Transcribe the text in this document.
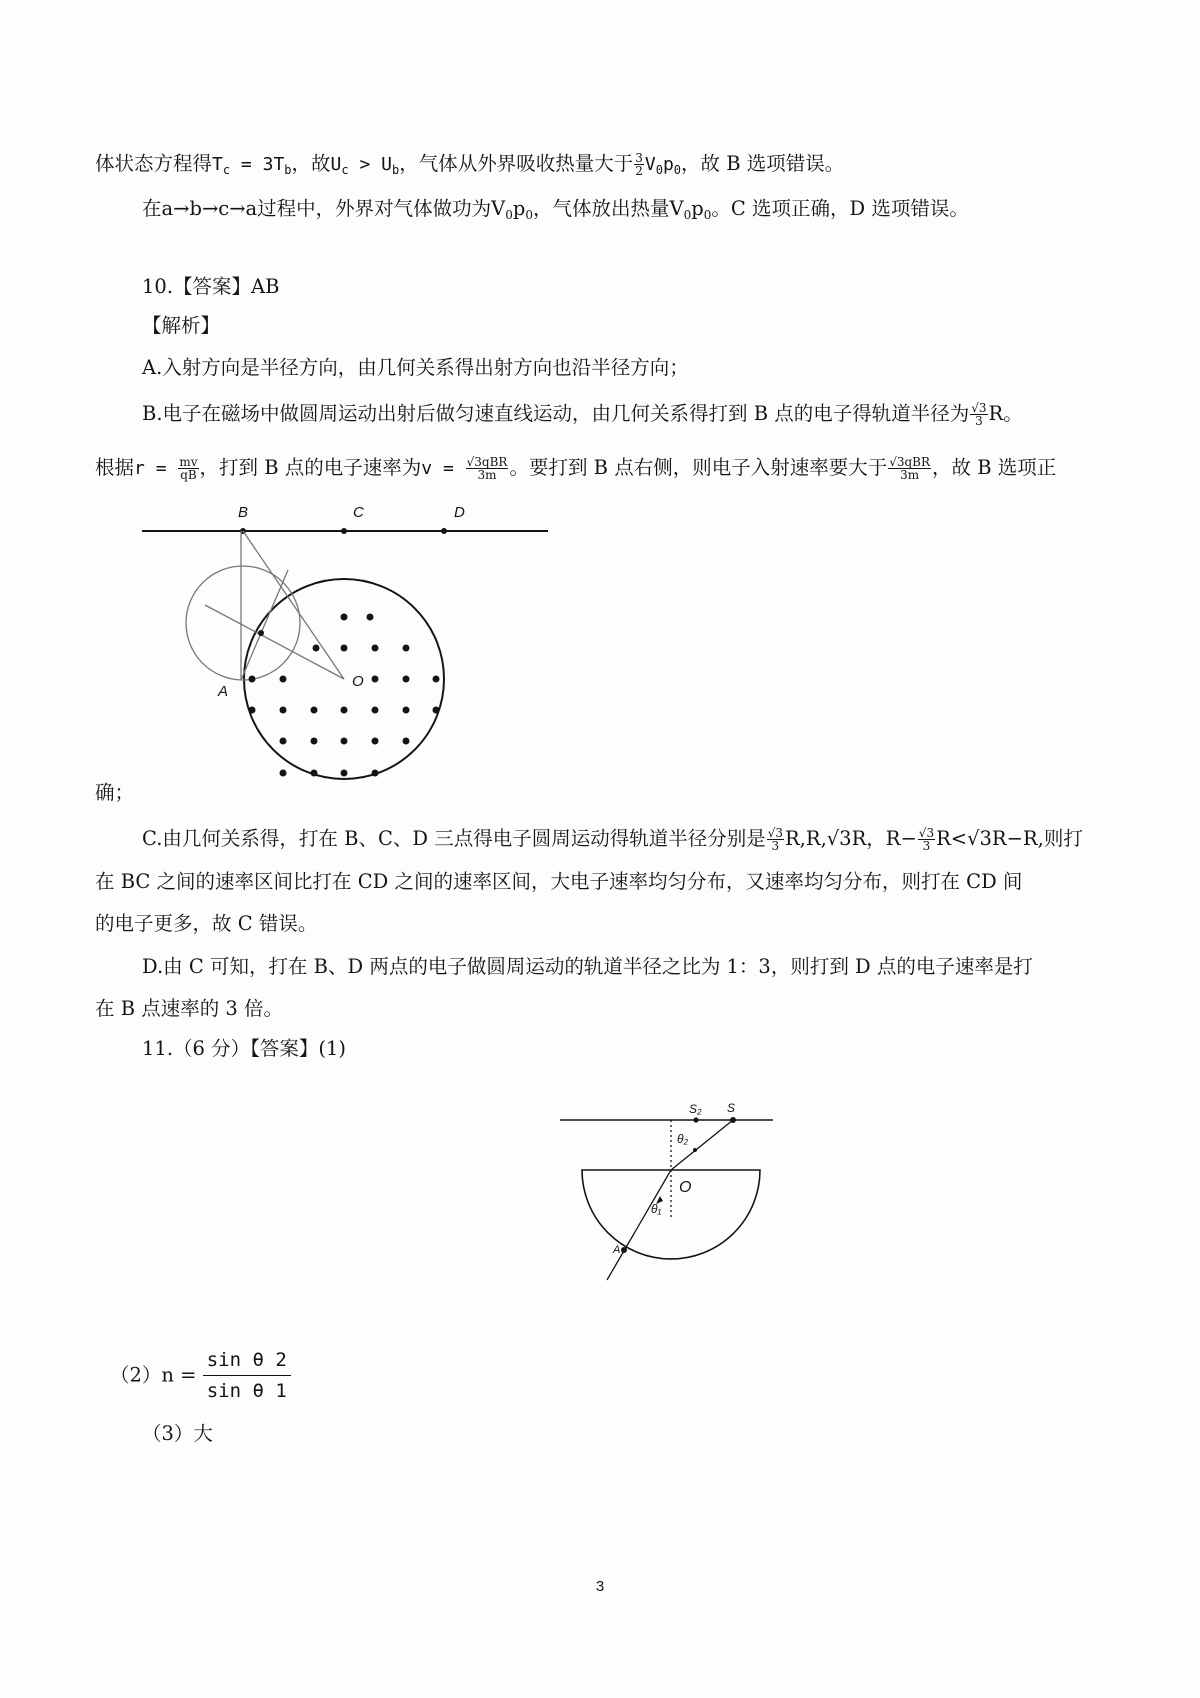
体状态方程得$T_c = 3T_b$，故$U_c > U_b$，气体从外界吸收热量大于 $\frac{3}{2} V_0p_0$，故 B 选项错误。
在a→b→c→a过程中，外界对气体做功为$V_0p_0$，气体放出热量$V_0p_0$。C 选项正确，D 选项错误。
10.【答案】AB
【解析】
A.入射方向是半径方向，由几何关系得出射方向也沿半径方向；
B.电子在磁场中做圆周运动出射后做匀速直线运动，由几何关系得打到 B 点的电子得轨道半径为 $\frac{√3}{3}$ R。
根据$r = \frac{mv}{qB}$ ，打到 B 点的电子速率为$v = \frac{\text{√3qBR}}{3m}$ 。要打到 B 点右侧，则电子入射速率要大于 $\frac{\text{√3qBR}}{3m}$ ，故 B 选项正
B	C	D
A
O
确；
C.由几何关系得，打在 B、C、D 三点得电子圆周运动得轨道半径分别是 $\frac{√3}{3} R,R,√3R$，$R- \frac{√3}{3} R<√3R-R$,则打
在 BC 之间的速率区间比打在 CD 之间的速率区间，大电子速率均匀分布，又速率均匀分布，则打在 CD 间
的电子更多，故 C 错误。
D.由 C 可知，打在 B、D 两点的电子做圆周运动的轨道半径之比为 1：3，则打到 D 点的电子速率是打
在 B 点速率的 3 倍。
11.（6 分）【答案】(1)
S₂ S
θ₂
O
A
θ₁
$(2)n = \frac{\text{sin θ 2}}{\text{sin θ 1}}$
（3）大
3
